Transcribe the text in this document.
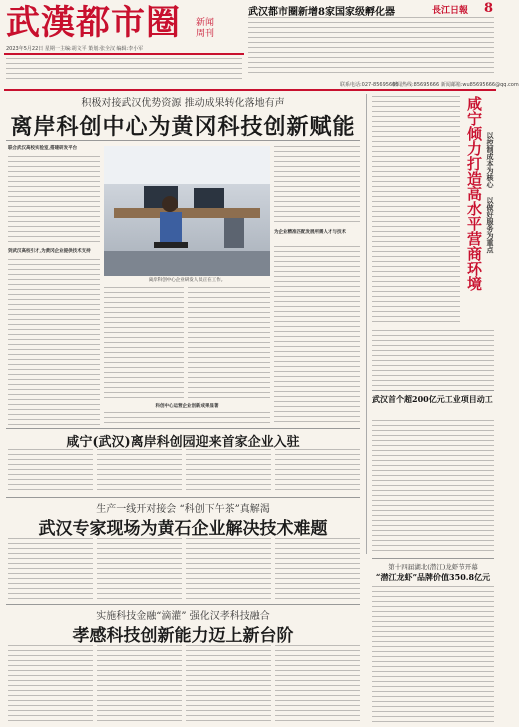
武漢都市圈 新闻周刊
武汉都市圈新增8家国家级孵化器	長江日報 8
2023年5月22日 星期一 主编:胡文平 策划:张全汉 编辑:李小军
联系电话:027-85695666
新闻热线:85695666 新闻邮箱:wu85695666@qq.com
积极对接武汉优势资源 推动成果转化落地有声
离岸科创中心为黄冈科技创新赋能
联合武汉高校实验室,搭建研发平台
到武汉高校引才,为黄冈企业提供技术支持
离岸科创中心企业研发人员正在工作。
科创中心运营企业创新成果显著
为企业精准匹配发展所需人才与技术	咸宁倾力打造高水平营商环境 以控制成本为核心 以做好服务为重点
武汉首个超200亿元工业项目动工
咸宁(武汉)离岸科创园迎来首家企业入驻
生产一线开对接会 “科创下午茶”真解渴
武汉专家现场为黄石企业解决技术难题
第十四届湖北(潜江)龙虾节开幕
“潜江龙虾”品牌价值350.8亿元
实施科技金融“滴灌” 强化汉孝科技融合
孝感科技创新能力迈上新台阶
